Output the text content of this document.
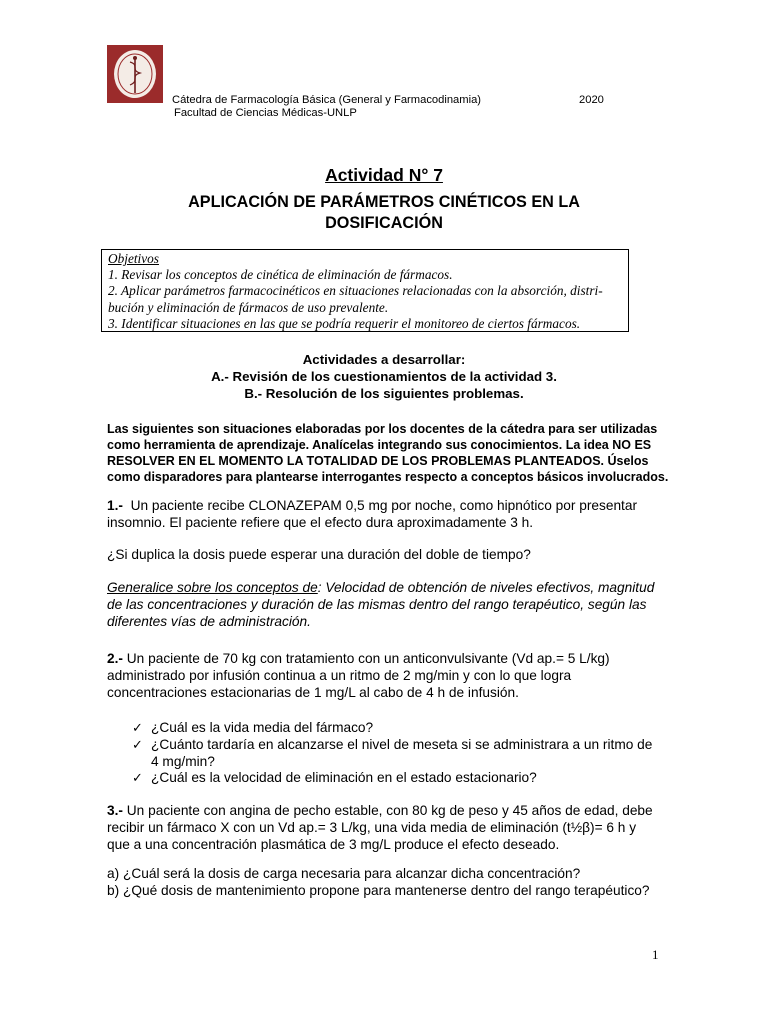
Cátedra de Farmacología Básica (General y Farmacodinamia)	2020
Facultad de Ciencias Médicas-UNLP
Actividad N° 7
APLICACIÓN DE PARÁMETROS CINÉTICOS EN LA
DOSIFICACIÓN
Objetivos
1. Revisar los conceptos de cinética de eliminación de fármacos.
2. Aplicar parámetros farmacocinéticos en situaciones relacionadas con la absorción, distri-
bución y eliminación de fármacos de uso prevalente.
3. Identificar situaciones en las que se podría requerir el monitoreo de ciertos fármacos.
Actividades a desarrollar:
A.- Revisión de los cuestionamientos de la actividad 3.
B.- Resolución de los siguientes problemas.
Las siguientes son situaciones elaboradas por los docentes de la cátedra para ser utilizadas
como herramienta de aprendizaje. Analícelas integrando sus conocimientos. La idea NO ES
RESOLVER EN EL MOMENTO LA TOTALIDAD DE LOS PROBLEMAS PLANTEADOS. Úselos
como disparadores para plantearse interrogantes respecto a conceptos básicos involucrados.
1.- Un paciente recibe CLONAZEPAM 0,5 mg por noche, como hipnótico por presentar
insomnio. El paciente refiere que el efecto dura aproximadamente 3 h.
¿Si duplica la dosis puede esperar una duración del doble de tiempo?
Generalice sobre los conceptos de: Velocidad de obtención de niveles efectivos, magnitud
de las concentraciones y duración de las mismas dentro del rango terapéutico, según las
diferentes vías de administración.
2.- Un paciente de 70 kg con tratamiento con un anticonvulsivante (Vd ap.= 5 L/kg)
administrado por infusión continua a un ritmo de 2 mg/min y con lo que logra
concentraciones estacionarias de 1 mg/L al cabo de 4 h de infusión.
✓ ¿Cuál es la vida media del fármaco?
✓ ¿Cuánto tardaría en alcanzarse el nivel de meseta si se administrara a un ritmo de
4 mg/min?
✓ ¿Cuál es la velocidad de eliminación en el estado estacionario?
3.- Un paciente con angina de pecho estable, con 80 kg de peso y 45 años de edad, debe
recibir un fármaco X con un Vd ap.= 3 L/kg, una vida media de eliminación (t½β)= 6 h y
que a una concentración plasmática de 3 mg/L produce el efecto deseado.
a) ¿Cuál será la dosis de carga necesaria para alcanzar dicha concentración?
b) ¿Qué dosis de mantenimiento propone para mantenerse dentro del rango terapéutico?
1
